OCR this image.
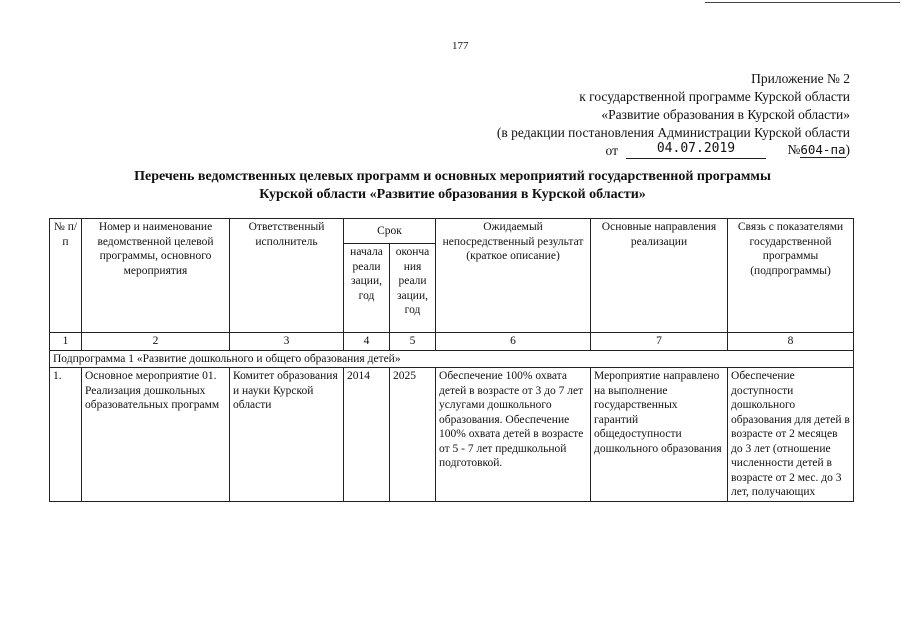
177
Приложение № 2
к государственной программе Курской области
«Развитие образования в Курской области»
(в редакции постановления Администрации Курской области
от	04.07.2019	№604-па)
Перечень ведомственных целевых программ и основных мероприятий государственной программы
Курской области «Развитие образования в Курской области»
№ п/п	Номер и наименование ведомственной целевой программы, основного мероприятия	Ответственный исполнитель	Срок		Ожидаемый непосредственный результат (краткое описание)	Основные направления реализации	Связь с показателями государственной программы (подпрограммы)
			начала реали зации, год	оконча ния реали зации, год			
1	2	3	4	5	6	7	8
Подпрограмма 1 «Развитие дошкольного и общего образования детей»							
1.	Основное мероприятие 01. Реализация дошкольных образовательных программ	Комитет образования и науки Курской области	2014	2025	Обеспечение 100% охвата детей в возрасте от 3 до 7 лет услугами дошкольного образования. Обеспечение 100% охвата детей в возрасте от 5 - 7 лет предшкольной подготовкой.	Мероприятие направлено на выполнение государственных гарантий общедоступности дошкольного образования	Обеспечение доступности дошкольного образования для детей в возрасте от 2 месяцев до 3 лет (отношение численности детей в возрасте от 2 мес. до 3 лет, получающих
